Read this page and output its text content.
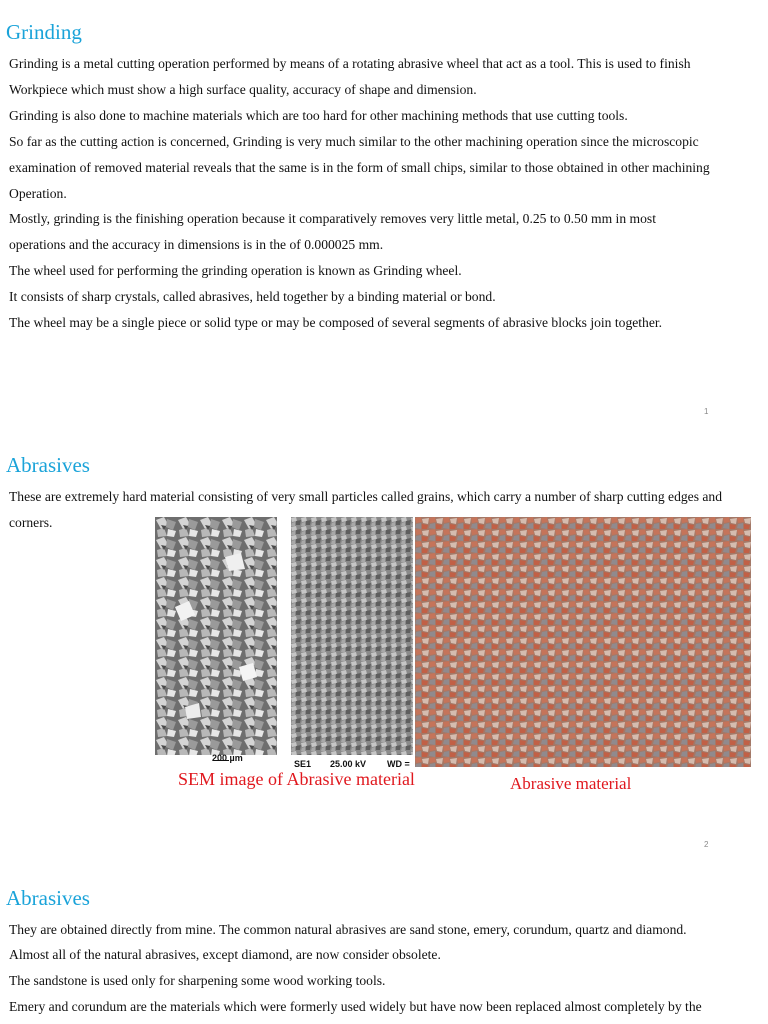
Grinding

Grinding is a metal cutting operation performed by means of a rotating abrasive wheel that act as a tool. This is used to finish

Workpiece which must show a high surface quality, accuracy of shape and dimension.

Grinding is also done to machine materials which are too hard for other machining methods that use cutting tools.

So far as the cutting action is concerned, Grinding is very much similar to the other machining operation since the microscopic

examination of removed material reveals that the same is in the form of small chips, similar to those obtained in other machining

Operation.

Mostly, grinding is the finishing operation because it comparatively removes very little metal, 0.25 to 0.50 mm in most

operations and the accuracy in dimensions is in the of 0.000025 mm.

The wheel used for performing the grinding operation is known as Grinding wheel.

It consists of sharp crystals, called abrasives, held together by a binding material or bond.

The wheel may be a single piece or solid type or may be composed of several segments of abrasive blocks join together.

1
Abrasives

These are extremely hard material consisting of very small particles called grains, which carry a number of sharp cutting edges and

corners.

200 µm
SE1 25.00 kV WD =
SEM image of Abrasive material	Abrasive material
2
Abrasives

They are obtained directly from mine. The common natural abrasives are sand stone, emery, corundum, quartz and diamond.

Almost all of the natural abrasives, except diamond, are now consider obsolete.

The sandstone is used only for sharpening some wood working tools.

Emery and corundum are the materials which were formerly used widely but have now been replaced almost completely by the
